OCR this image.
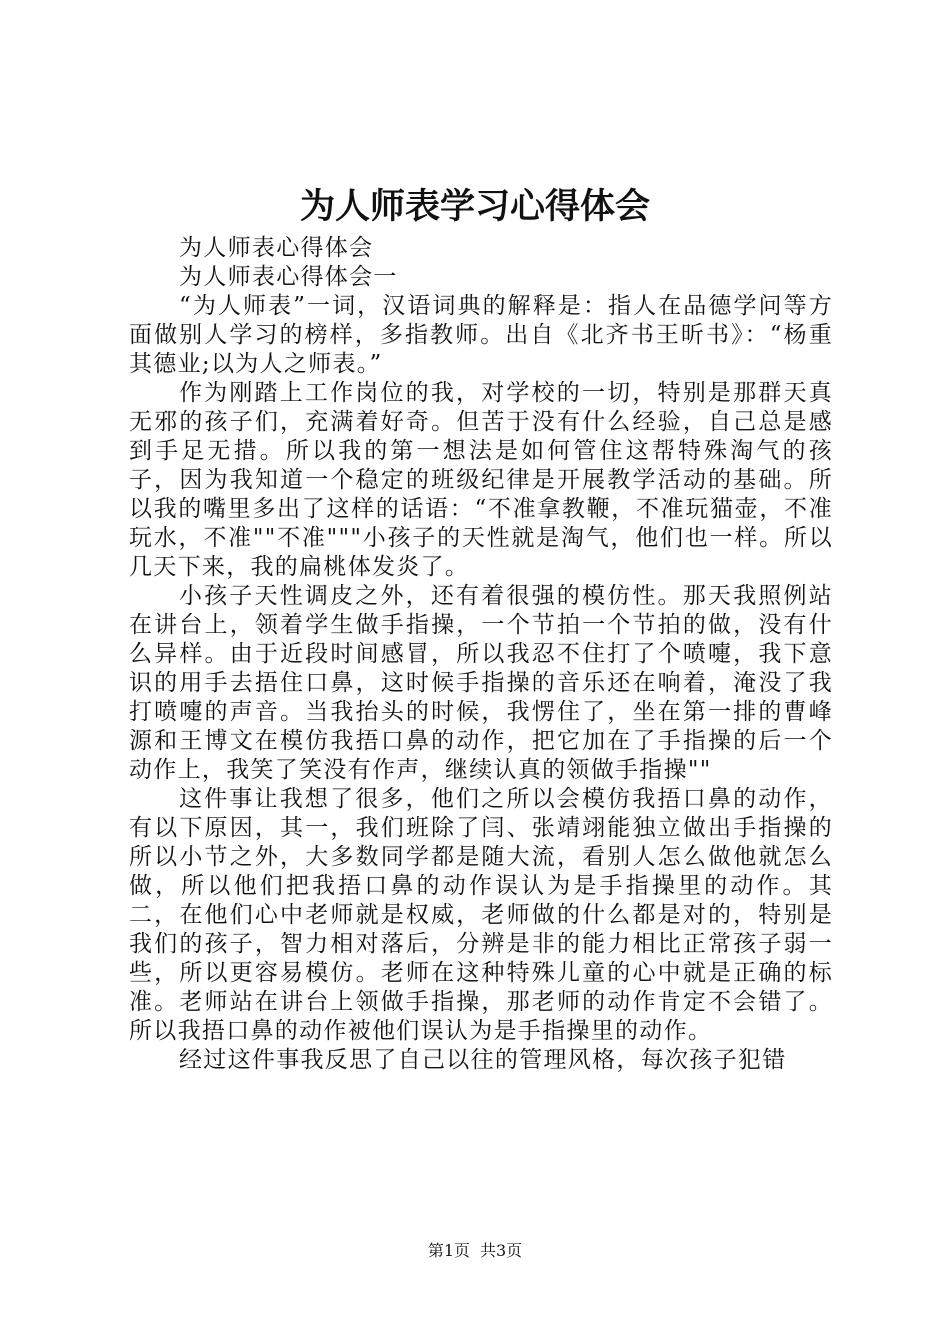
为人师表学习心得体会

为人师表心得体会

为人师表心得体会一

“为人师表”一词，汉语词典的解释是：指人在品德学问等方面做别人学习的榜样，多指教师。出自《北齐书王昕书》：“杨重其德业;以为人之师表。”

作为刚踏上工作岗位的我，对学校的一切，特别是那群天真无邪的孩子们，充满着好奇。但苦于没有什么经验，自己总是感到手足无措。所以我的第一想法是如何管住这帮特殊淘气的孩子，因为我知道一个稳定的班级纪律是开展教学活动的基础。所以我的嘴里多出了这样的话语：“不准拿教鞭，不准玩猫壶，不准玩水，不准""不准"""小孩子的天性就是淘气，他们也一样。所以几天下来，我的扁桃体发炎了。

小孩子天性调皮之外，还有着很强的模仿性。那天我照例站在讲台上，领着学生做手指操，一个节拍一个节拍的做，没有什么异样。由于近段时间感冒，所以我忍不住打了个喷嚏，我下意识的用手去捂住口鼻，这时候手指操的音乐还在响着，淹没了我打喷嚏的声音。当我抬头的时候，我愣住了，坐在第一排的曹峰源和王博文在模仿我捂口鼻的动作，把它加在了手指操的后一个动作上，我笑了笑没有作声，继续认真的领做手指操""

这件事让我想了很多，他们之所以会模仿我捂口鼻的动作，有以下原因，其一，我们班除了闫、张靖翊能独立做出手指操的所以小节之外，大多数同学都是随大流，看别人怎么做他就怎么做，所以他们把我捂口鼻的动作误认为是手指操里的动作。其二，在他们心中老师就是权威，老师做的什么都是对的，特别是我们的孩子，智力相对落后，分辨是非的能力相比正常孩子弱一些，所以更容易模仿。老师在这种特殊儿童的心中就是正确的标准。老师站在讲台上领做手指操，那老师的动作肯定不会错了。所以我捂口鼻的动作被他们误认为是手指操里的动作。

经过这件事我反思了自己以往的管理风格，每次孩子犯错

第1页 共3页
